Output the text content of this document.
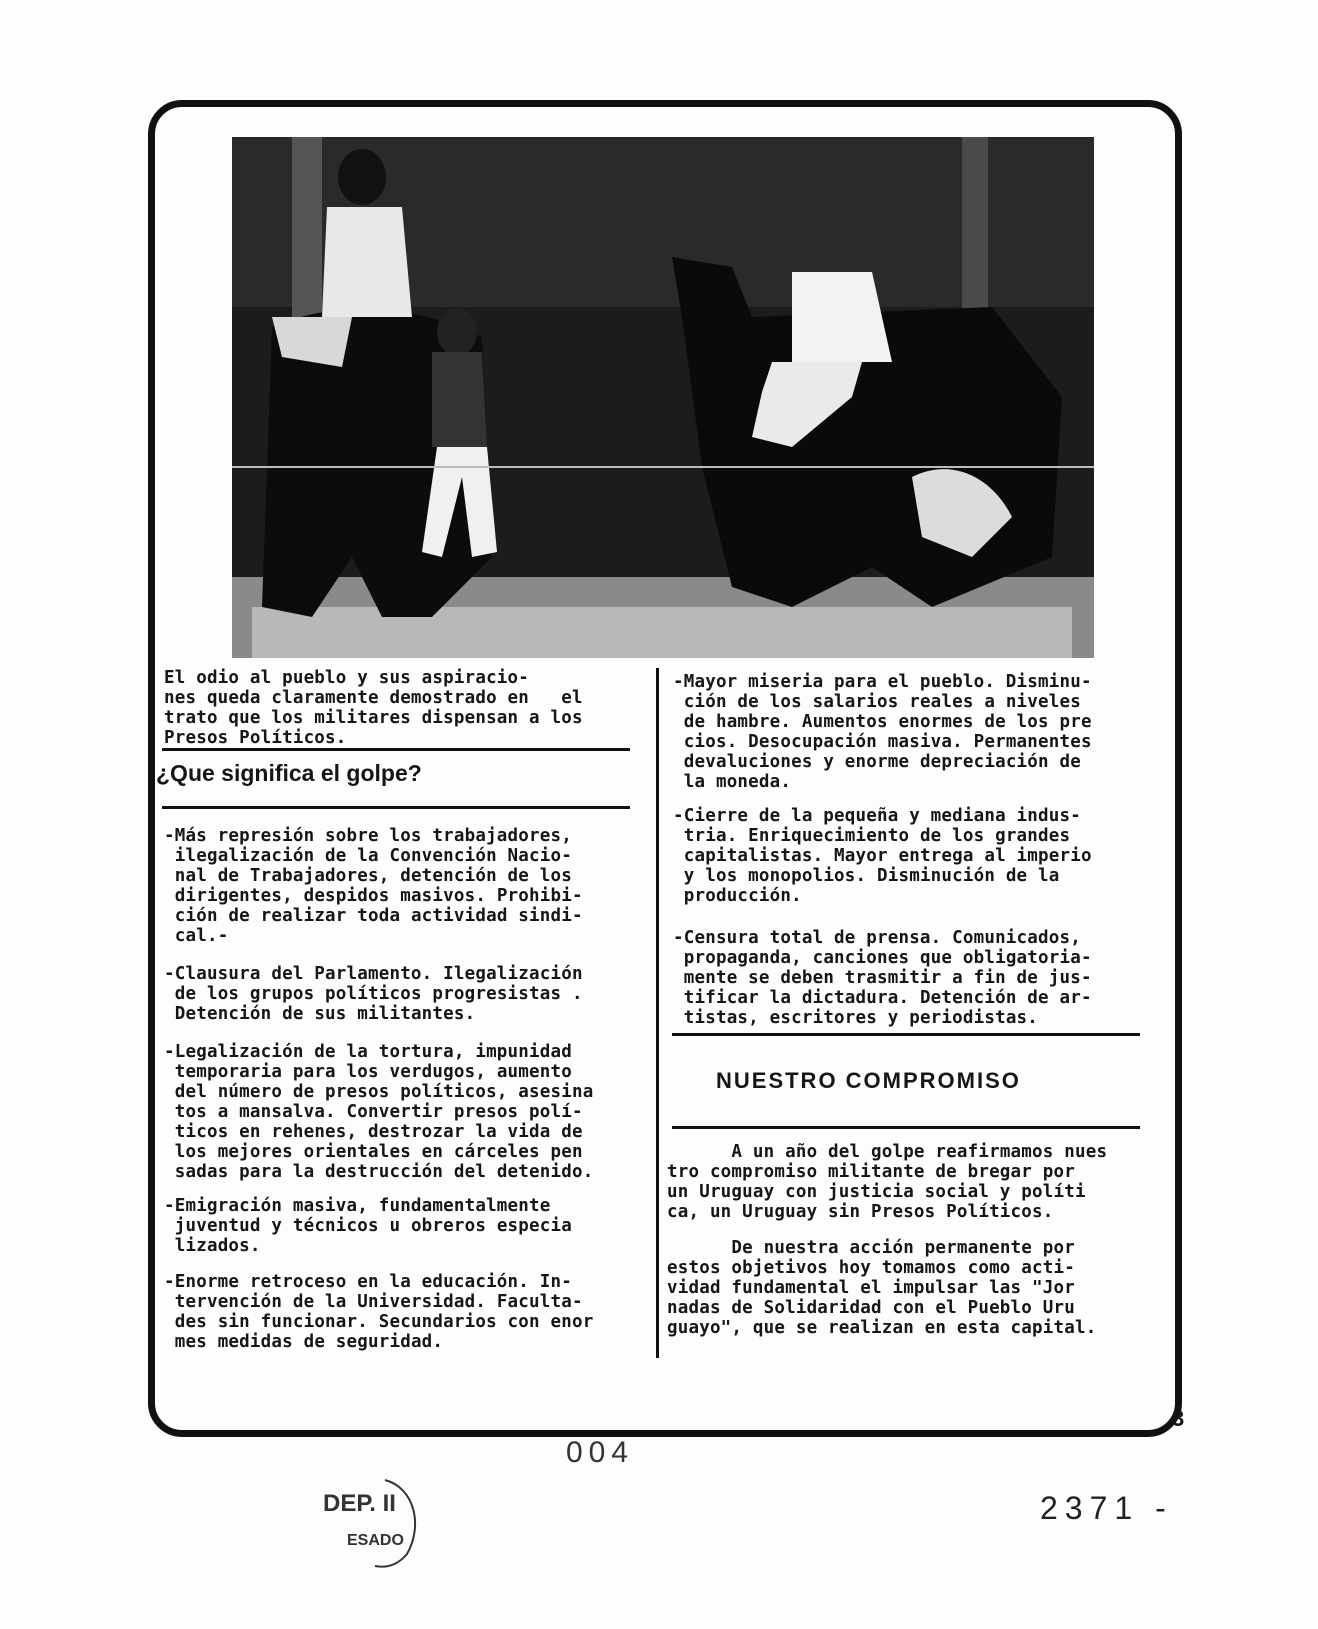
El odio al pueblo y sus aspiracio-
nes queda claramente demostrado en   el
trato que los militares dispensan a los
Presos Políticos.
¿Que significa el golpe?
-Más represión sobre los trabajadores,
ilegalización de la Convención Nacio-
nal de Trabajadores, detención de los
dirigentes, despidos masivos. Prohibi-
ción de realizar toda actividad sindi-
cal.-
-Clausura del Parlamento. Ilegalización
de los grupos políticos progresistas .
Detención de sus militantes.
-Legalización de la tortura, impunidad
temporaria para los verdugos, aumento
del número de presos políticos, asesina
tos a mansalva. Convertir presos polí-
ticos en rehenes, destrozar la vida de
los mejores orientales en cárceles pen
sadas para la destrucción del detenido.
-Emigración masiva, fundamentalmente
juventud y técnicos u obreros especia
lizados.
-Enorme retroceso en la educación. In-
tervención de la Universidad. Faculta-
des sin funcionar. Secundarios con enor
mes medidas de seguridad.
-Mayor miseria para el pueblo. Disminu-
ción de los salarios reales a niveles
de hambre. Aumentos enormes de los pre
cios. Desocupación masiva. Permanentes
devaluciones y enorme depreciación de
la moneda.
-Cierre de la pequeña y mediana indus-
tria. Enriquecimiento de los grandes
capitalistas. Mayor entrega al imperio
y los monopolios. Disminución de la
producción.
-Censura total de prensa. Comunicados,
propaganda, canciones que obligatoria-
mente se deben trasmitir a fin de jus-
tificar la dictadura. Detención de ar-
tistas, escritores y periodistas.
NUESTRO COMPROMISO
A un año del golpe reafirmamos nues
tro compromiso militante de bregar por
un Uruguay con justicia social y políti
ca, un Uruguay sin Presos Políticos.
De nuestra acción permanente por
estos objetivos hoy tomamos como acti-
vidad fundamental el impulsar las "Jor
nadas de Solidaridad con el Pueblo Uru
guayo", que se realizan en esta capital.
3
004
2371 -
DEP. II
ESADO
